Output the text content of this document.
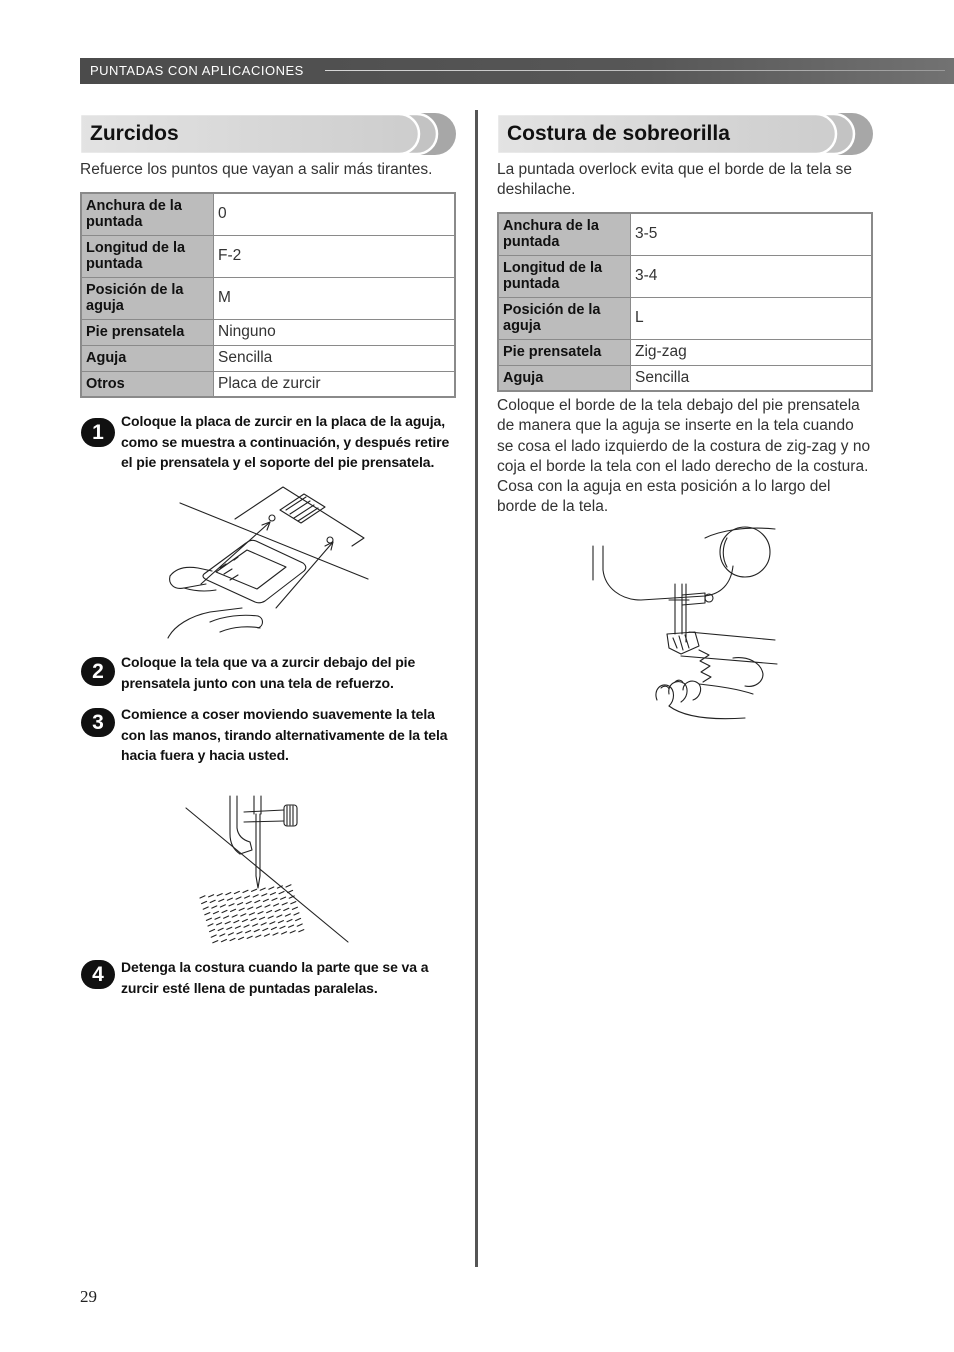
PUNTADAS CON APLICACIONES
Zurcidos
Refuerce los puntos que vayan a salir más tirantes.
Anchura de la puntada	0
Longitud de la puntada	F-2
Posición de la aguja	M
Pie prensatela	Ninguno
Aguja	Sencilla
Otros	Placa de zurcir
1	Coloque la placa de zurcir en la placa de la aguja, como se muestra a continuación, y después retire el pie prensatela y el soporte del pie prensatela.
2	Coloque la tela que va a zurcir debajo del pie prensatela junto con una tela de refuerzo.
3	Comience a coser moviendo suavemente la tela con las manos, tirando alternativamente de la tela hacia fuera y hacia usted.
4	Detenga la costura cuando la parte que se va a zurcir esté llena de puntadas paralelas.
Costura de sobreorilla
La puntada overlock evita que el borde de la tela se deshilache.
Anchura de la puntada	3-5
Longitud de la puntada	3-4
Posición de la aguja	L
Pie prensatela	Zig-zag
Aguja	Sencilla
Coloque el borde de la tela debajo del pie prensatela de manera que la aguja se inserte en la tela cuando se cosa el lado izquierdo de la costura de zig-zag y no coja el borde la tela con el lado derecho de la costura. Cosa con la aguja en esta posición a lo largo del borde de la tela.
29
